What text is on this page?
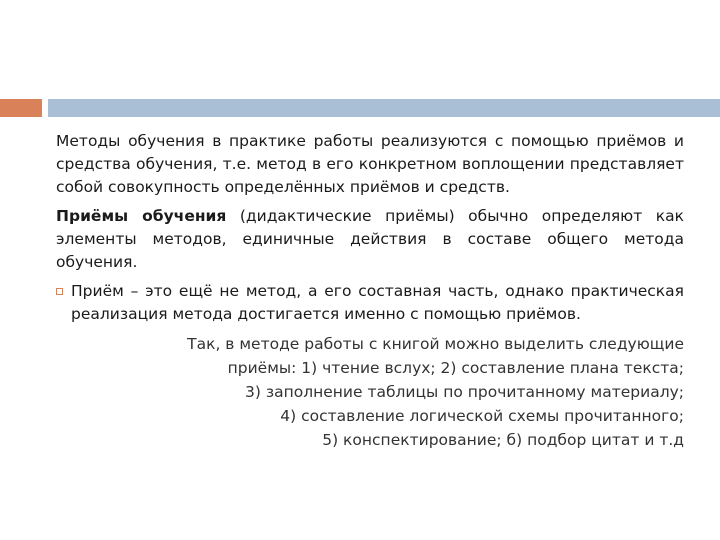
Методы обучения в практике работы реализуются с помощью приёмов и средства обучения, т.е. метод в его конкретном воплощении представляет собой совокупность определённых приёмов и средств.

Приёмы обучения (дидактические приёмы) обычно определяют как элементы методов, единичные действия в составе общего метода обучения.

Приём – это ещё не метод, а его составная часть, однако практическая реализация метода достигается именно с помощью приёмов.

Так, в методе работы с книгой можно выделить следующие

приёмы: 1) чтение вслух; 2) составление плана текста;

3) заполнение таблицы по прочитанному материалу;

4) составление логической схемы прочитанного;

5) конспектирование; б) подбор цитат и т.д
